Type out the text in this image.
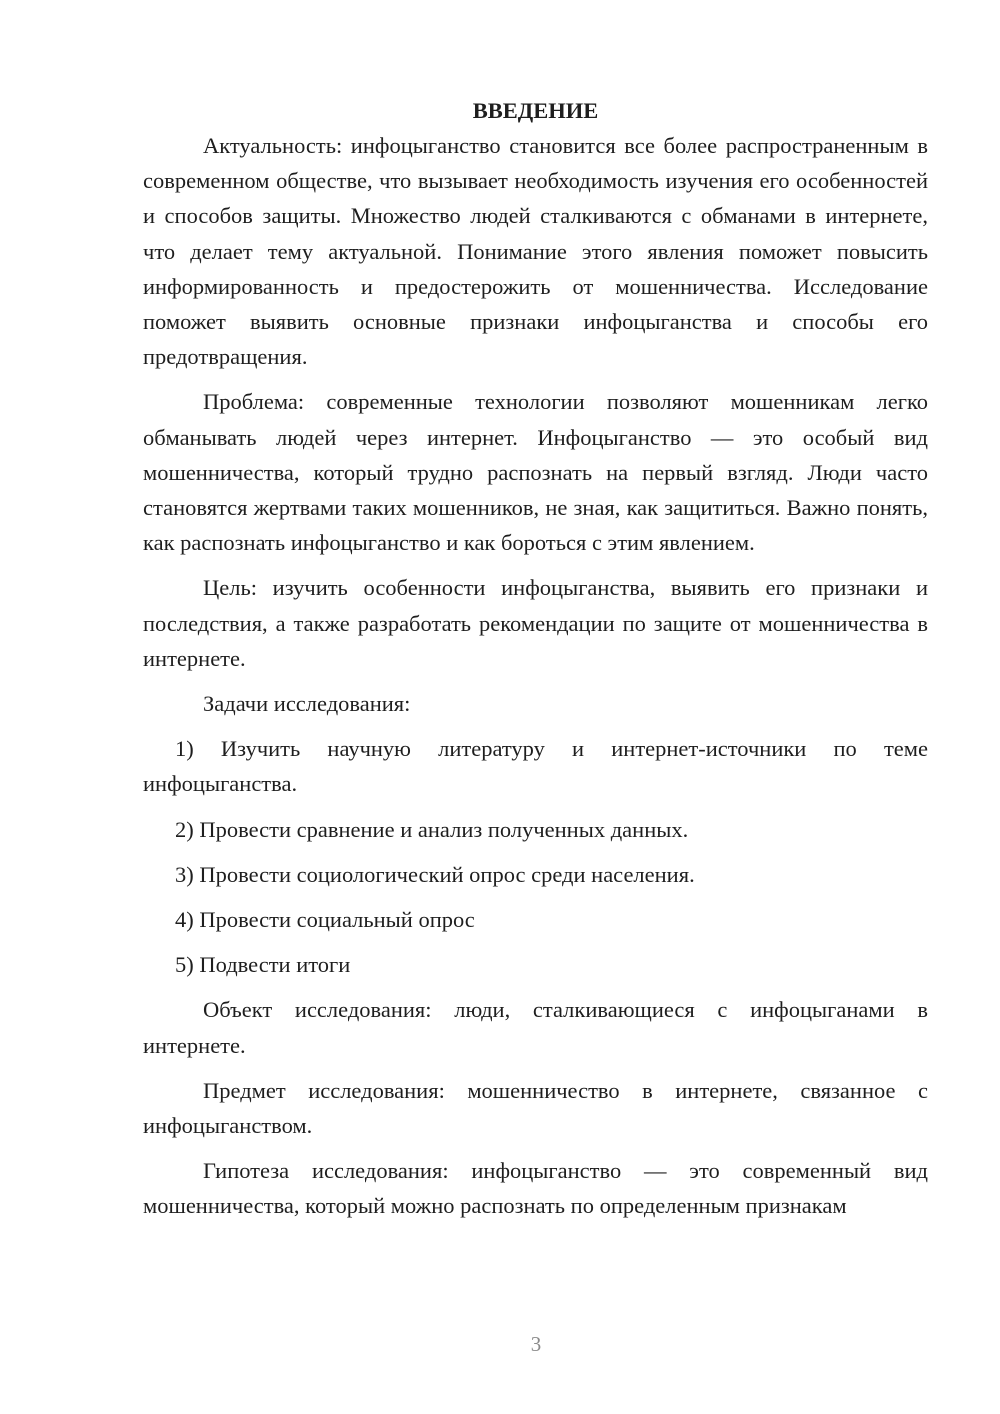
ВВЕДЕНИЕ

Актуальность: инфоцыганство становится все более распространенным в современном обществе, что вызывает необходимость изучения его особенностей и способов защиты. Множество людей сталкиваются с обманами в интернете, что делает тему актуальной. Понимание этого явления поможет повысить информированность и предостерожить от мошенничества. Исследование поможет выявить основные признаки инфоцыганства и способы его предотвращения.

Проблема: современные технологии позволяют мошенникам легко обманывать людей через интернет. Инфоцыганство — это особый вид мошенничества, который трудно распознать на первый взгляд. Люди часто становятся жертвами таких мошенников, не зная, как защититься. Важно понять, как распознать инфоцыганство и как бороться с этим явлением.

Цель: изучить особенности инфоцыганства, выявить его признаки и последствия, а также разработать рекомендации по защите от мошенничества в интернете.

Задачи исследования:

1) Изучить научную литературу и интернет-источники по теме инфоцыганства.

2) Провести сравнение и анализ полученных данных.

3) Провести социологический опрос среди населения.

4) Провести социальный опрос

5) Подвести итоги

Объект исследования: люди, сталкивающиеся с инфоцыганами в интернете.

Предмет исследования: мошенничество в интернете, связанное с инфоцыганством.

Гипотеза исследования: инфоцыганство — это современный вид мошенничества, который можно распознать по определенным признакам

3
